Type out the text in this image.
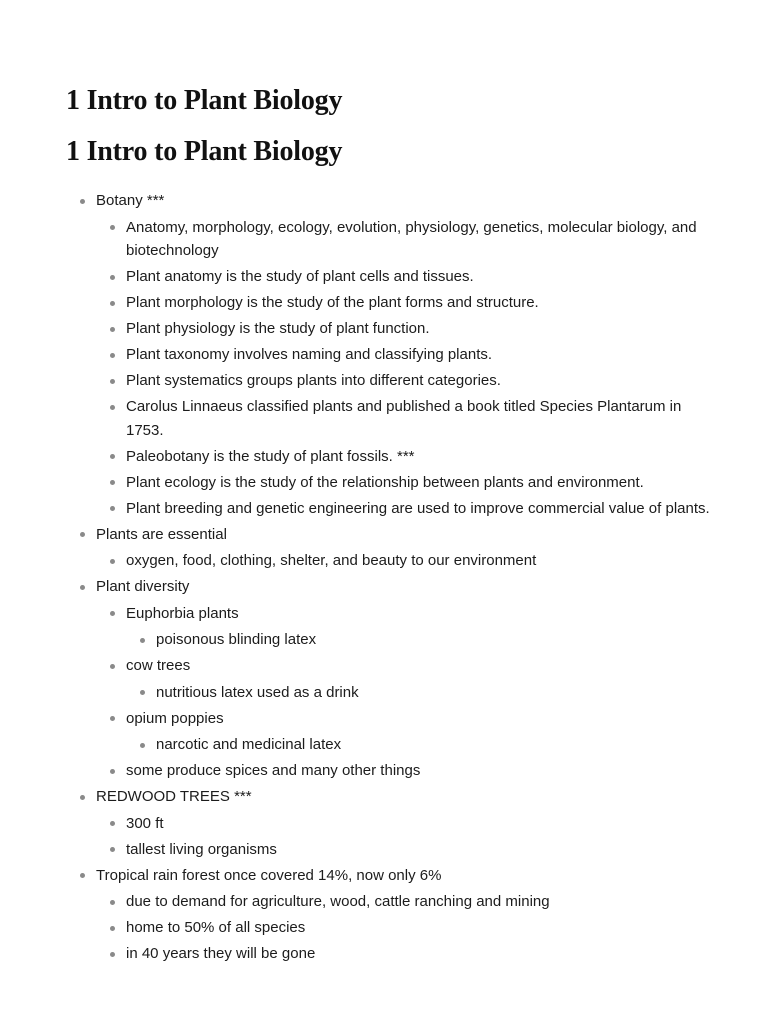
1 Intro to Plant Biology
1 Intro to Plant Biology
Botany ***
Anatomy, morphology, ecology, evolution, physiology, genetics, molecular biology, and biotechnology
Plant anatomy is the study of plant cells and tissues.
Plant morphology is the study of the plant forms and structure.
Plant physiology is the study of plant function.
Plant taxonomy involves naming and classifying plants.
Plant systematics groups plants into different categories.
Carolus Linnaeus classified plants and published a book titled Species Plantarum in 1753.
Paleobotany is the study of plant fossils. ***
Plant ecology is the study of the relationship between plants and environment.
Plant breeding and genetic engineering are used to improve commercial value of plants.
Plants are essential
oxygen, food, clothing, shelter, and beauty to our environment
Plant diversity
Euphorbia plants
poisonous blinding latex
cow trees
nutritious latex used as a drink
opium poppies
narcotic and medicinal latex
some produce spices and many other things
REDWOOD TREES ***
300 ft
tallest living organisms
Tropical rain forest once covered 14%, now only 6%
due to demand for agriculture, wood, cattle ranching and mining
home to 50% of all species
in 40 years they will be gone
